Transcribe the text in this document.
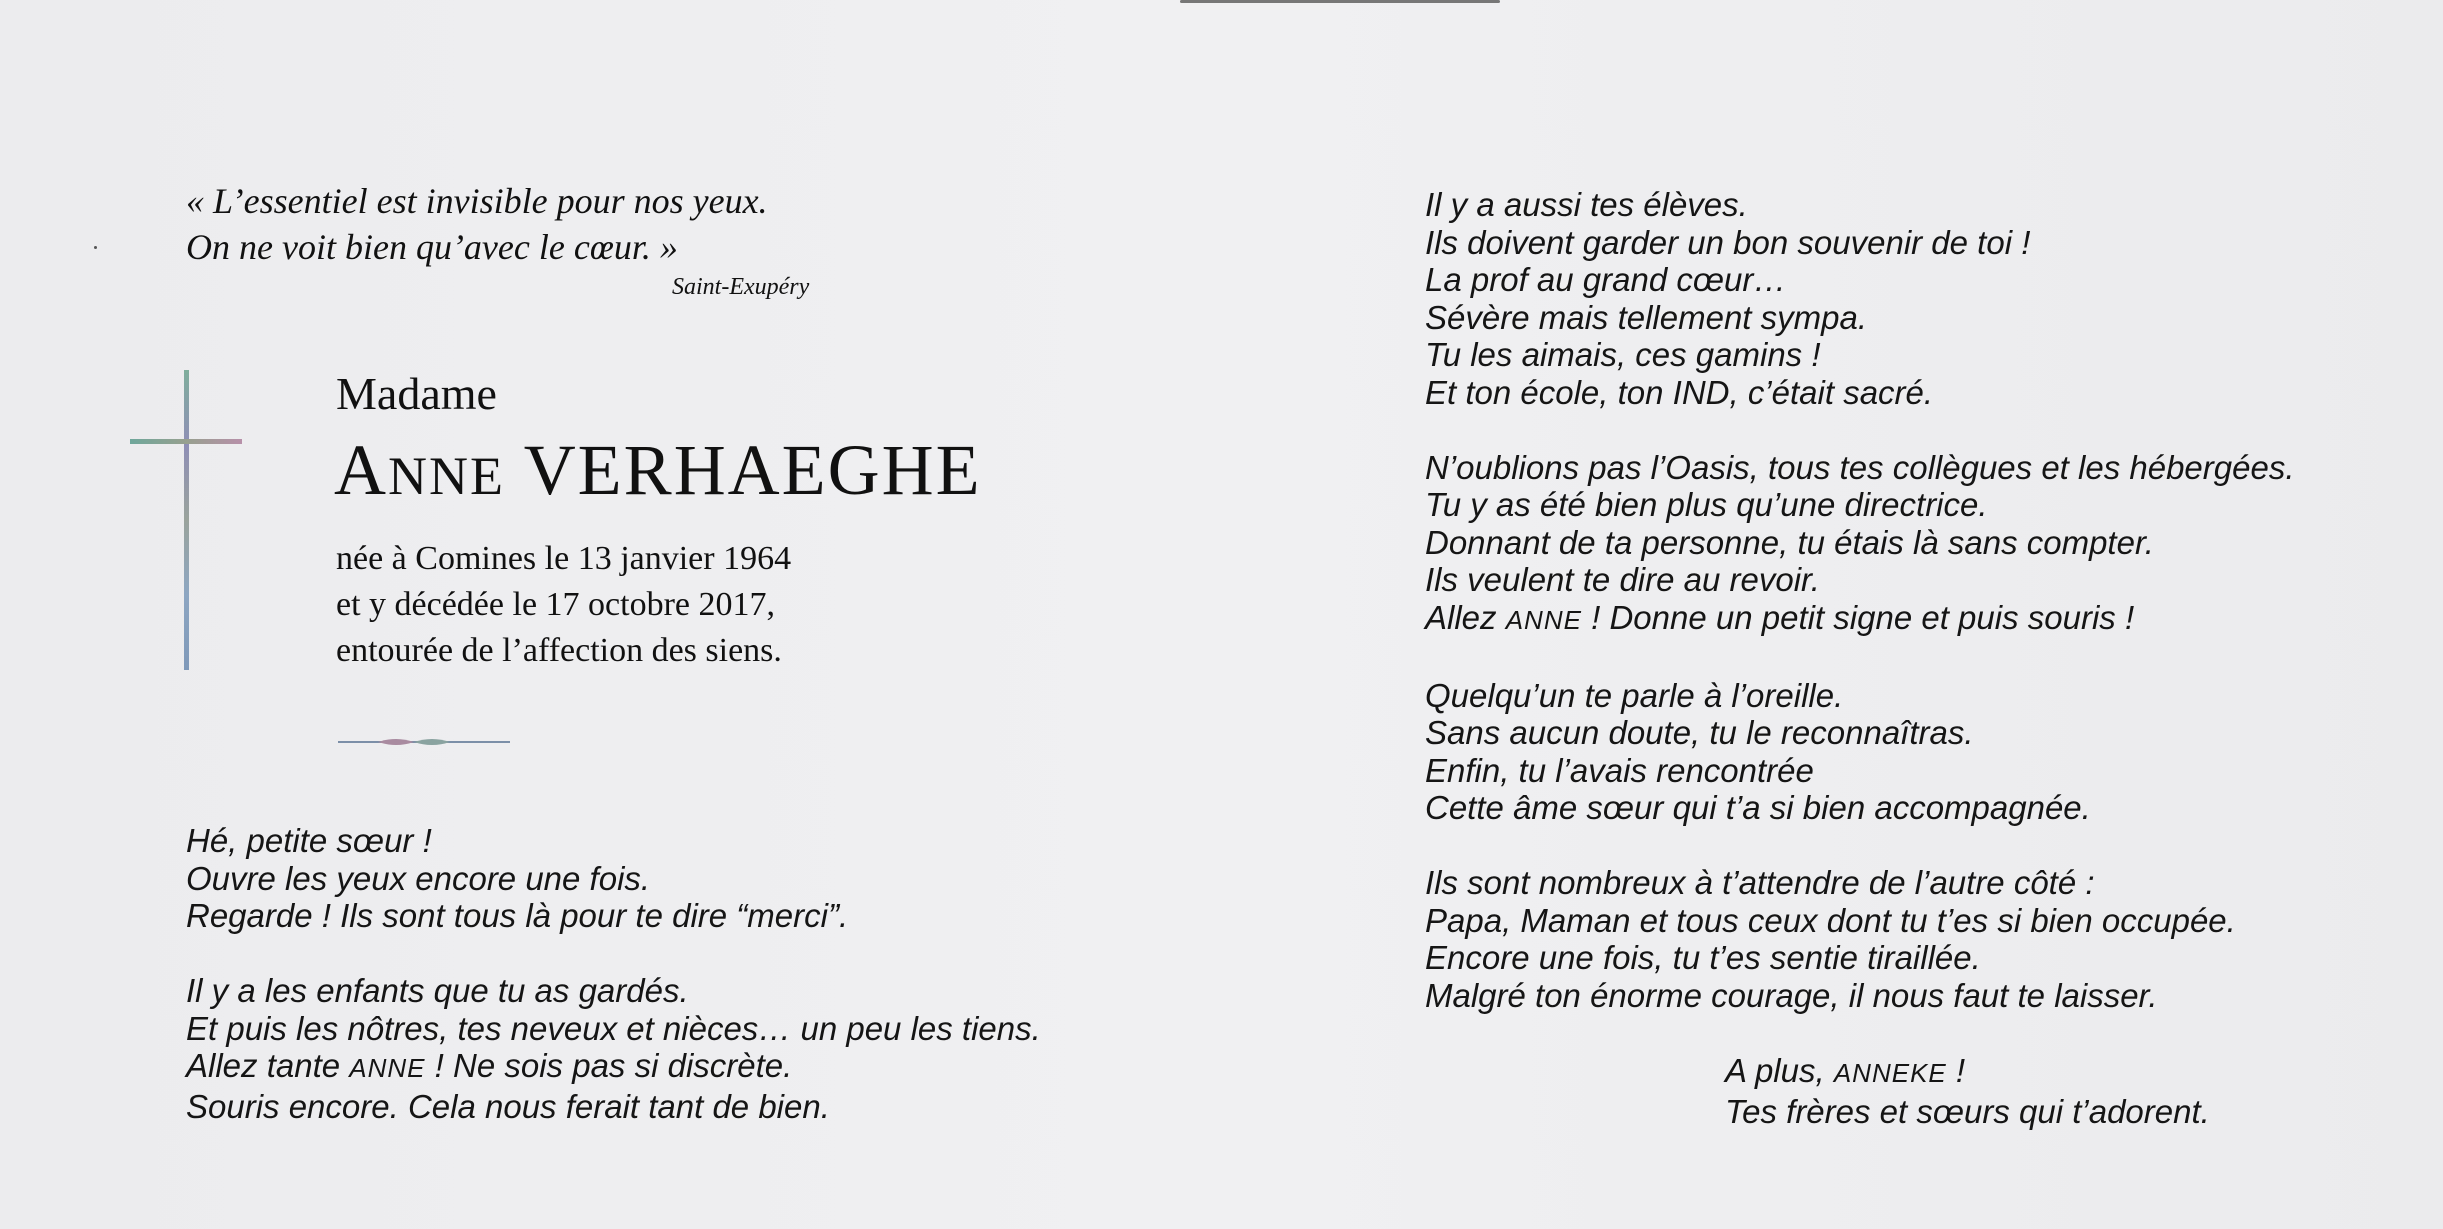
« L’essentiel est invisible pour nos yeux.
On ne voit bien qu’avec le cœur. »
Saint-Exupéry
Madame
ANNE VERHAEGHE
née à Comines le 13 janvier 1964
et y décédée le 17 octobre 2017,
entourée de l’affection des siens.
Hé, petite sœur !
Ouvre les yeux encore une fois.
Regarde ! Ils sont tous là pour te dire “merci”.
Il y a les enfants que tu as gardés.
Et puis les nôtres, tes neveux et nièces… un peu les tiens.
Allez tante ANNE ! Ne sois pas si discrète.
Souris encore. Cela nous ferait tant de bien.
Il y a aussi tes élèves.
Ils doivent garder un bon souvenir de toi !
La prof au grand cœur…
Sévère mais tellement sympa.
Tu les aimais, ces gamins !
Et ton école, ton IND, c’était sacré.
N’oublions pas l’Oasis, tous tes collègues et les hébergées.
Tu y as été bien plus qu’une directrice.
Donnant de ta personne, tu étais là sans compter.
Ils veulent te dire au revoir.
Allez ANNE ! Donne un petit signe et puis souris !
Quelqu’un te parle à l’oreille.
Sans aucun doute, tu le reconnaîtras.
Enfin, tu l’avais rencontrée
Cette âme sœur qui t’a si bien accompagnée.
Ils sont nombreux à t’attendre de l’autre côté :
Papa, Maman et tous ceux dont tu t’es si bien occupée.
Encore une fois, tu t’es sentie tiraillée.
Malgré ton énorme courage, il nous faut te laisser.
A plus, ANNEKE !
Tes frères et sœurs qui t’adorent.
